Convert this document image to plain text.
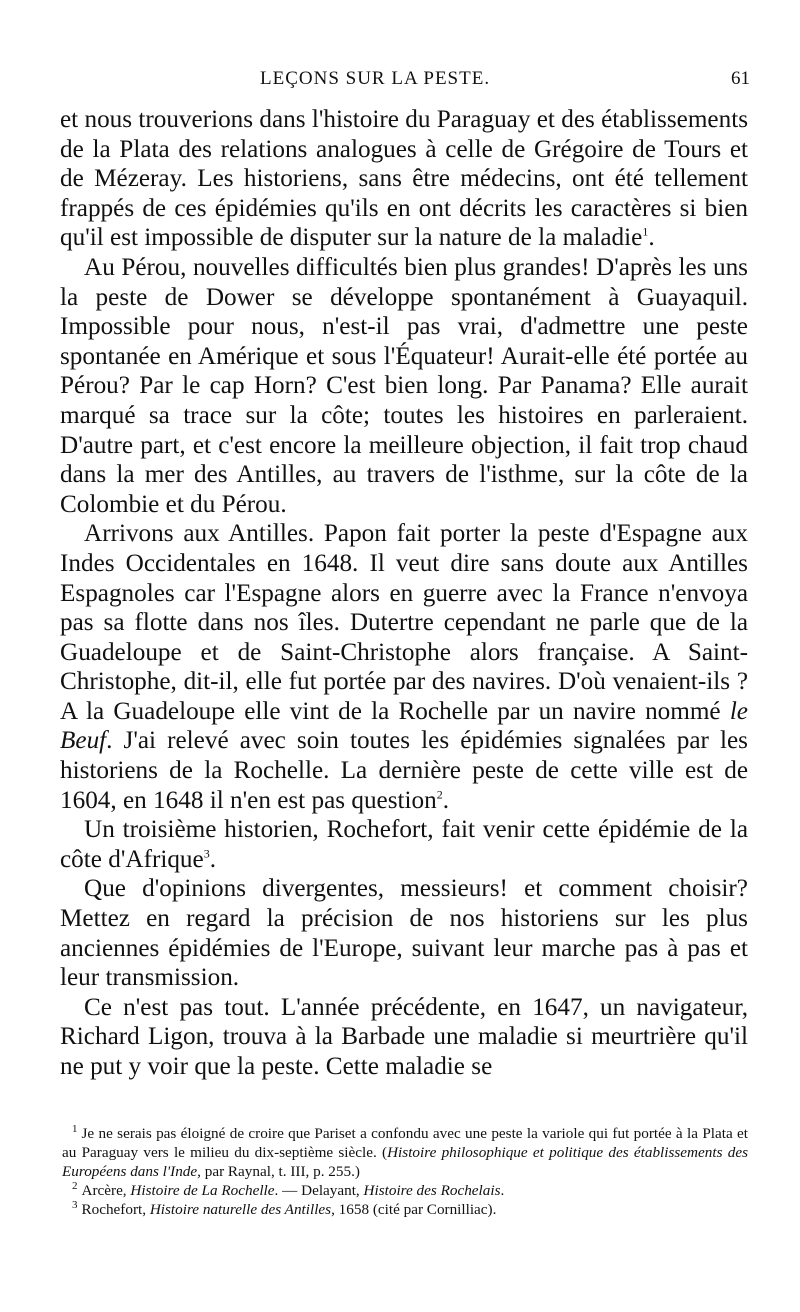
LEÇONS SUR LA PESTE.	61

et nous trouverions dans l'histoire du Paraguay et des établissements de la Plata des relations analogues à celle de Grégoire de Tours et de Mézeray. Les historiens, sans être médecins, ont été tellement frappés de ces épidémies qu'ils en ont décrits les caractères si bien qu'il est impossible de disputer sur la nature de la maladie$^1$.

Au Pérou, nouvelles difficultés bien plus grandes! D'après les uns la peste de Dower se développe spontanément à Guayaquil. Impossible pour nous, n'est-il pas vrai, d'admettre une peste spontanée en Amérique et sous l'Équateur! Aurait-elle été portée au Pérou? Par le cap Horn? C'est bien long. Par Panama? Elle aurait marqué sa trace sur la côte; toutes les histoires en parleraient. D'autre part, et c'est encore la meilleure objection, il fait trop chaud dans la mer des Antilles, au travers de l'isthme, sur la côte de la Colombie et du Pérou.

Arrivons aux Antilles. Papon fait porter la peste d'Espagne aux Indes Occidentales en 1648. Il veut dire sans doute aux Antilles Espagnoles car l'Espagne alors en guerre avec la France n'envoya pas sa flotte dans nos îles. Dutertre cependant ne parle que de la Guadeloupe et de Saint-Christophe alors française. A Saint-Christophe, dit-il, elle fut portée par des navires. D'où venaient-ils ? A la Guadeloupe elle vint de la Rochelle par un navire nommé le Beuf. J'ai relevé avec soin toutes les épidémies signalées par les historiens de la Rochelle. La dernière peste de cette ville est de 1604, en 1648 il n'en est pas question$^2$.

Un troisième historien, Rochefort, fait venir cette épidémie de la côte d'Afrique$^3$.

Que d'opinions divergentes, messieurs! et comment choisir? Mettez en regard la précision de nos historiens sur les plus anciennes épidémies de l'Europe, suivant leur marche pas à pas et leur transmission.

Ce n'est pas tout. L'année précédente, en 1647, un navigateur, Richard Ligon, trouva à la Barbade une maladie si meurtrière qu'il ne put y voir que la peste. Cette maladie se

$^1$ Je ne serais pas éloigné de croire que Pariset a confondu avec une peste la variole qui fut portée à la Plata et au Paraguay vers le milieu du dix-septième siècle. (Histoire philosophique et politique des établissements des Européens dans l'Inde, par Raynal, t. III, p. 255.)

$^2$ Arcère, Histoire de La Rochelle. — Delayant, Histoire des Rochelais.

$^3$ Rochefort, Histoire naturelle des Antilles, 1658 (cité par Cornilliac).
